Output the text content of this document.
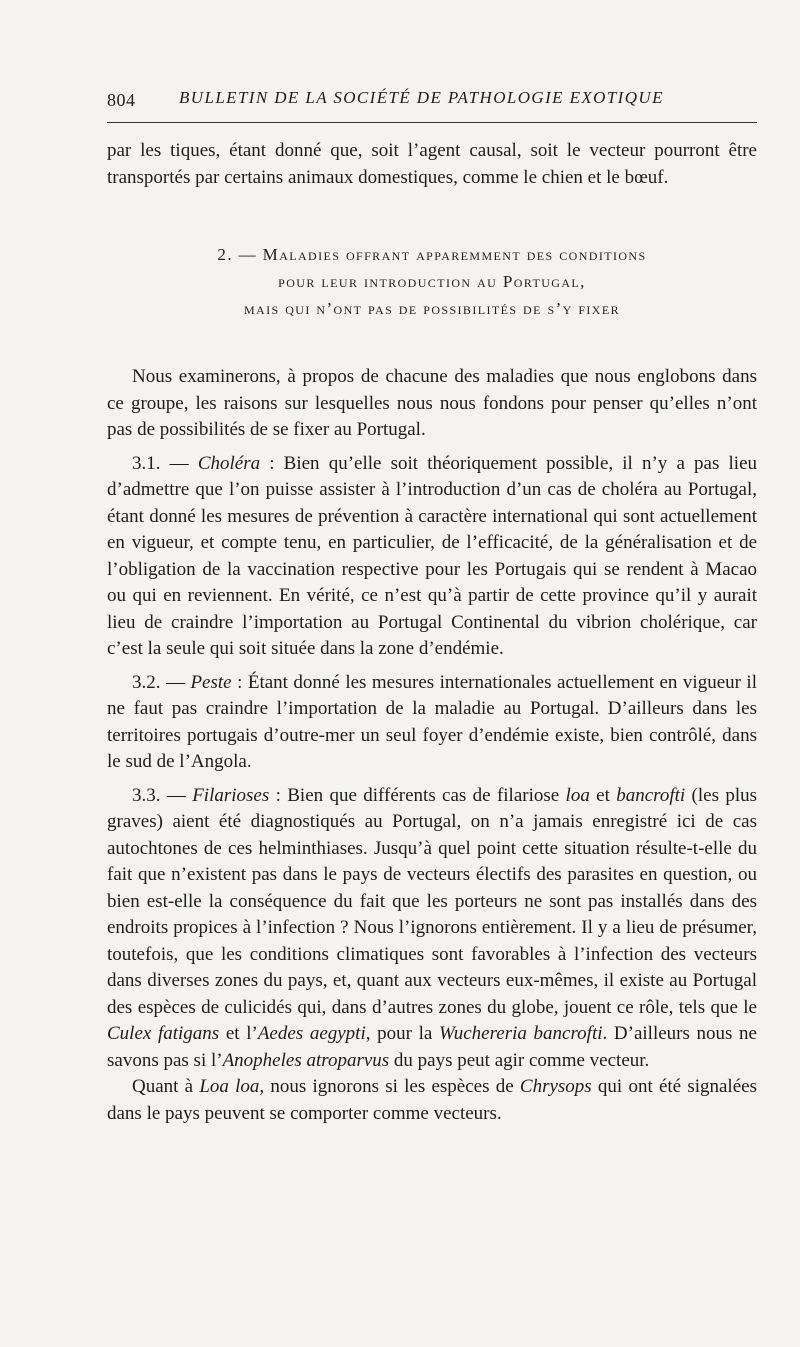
804	BULLETIN DE LA SOCIÉTÉ DE PATHOLOGIE EXOTIQUE

par les tiques, étant donné que, soit l’agent causal, soit le vecteur pourront être transportés par certains animaux domestiques, comme le chien et le bœuf.

2. — Maladies offrant apparemment des conditions
pour leur introduction au Portugal,
mais qui n’ont pas de possibilités de s’y fixer

Nous examinerons, à propos de chacune des maladies que nous englobons dans ce groupe, les raisons sur lesquelles nous nous fondons pour penser qu’elles n’ont pas de possibilités de se fixer au Portugal.

3.1. — Choléra : Bien qu’elle soit théoriquement possible, il n’y a pas lieu d’admettre que l’on puisse assister à l’introduction d’un cas de choléra au Portugal, étant donné les mesures de prévention à caractère international qui sont actuellement en vigueur, et compte tenu, en particulier, de l’efficacité, de la généralisation et de l’obligation de la vaccination respective pour les Portugais qui se rendent à Macao ou qui en reviennent. En vérité, ce n’est qu’à partir de cette province qu’il y aurait lieu de craindre l’importation au Portugal Continental du vibrion cholérique, car c’est la seule qui soit située dans la zone d’endémie.

3.2. — Peste : Étant donné les mesures internationales actuellement en vigueur il ne faut pas craindre l’importation de la maladie au Portugal. D’ailleurs dans les territoires portugais d’outre-mer un seul foyer d’endémie existe, bien contrôlé, dans le sud de l’Angola.

3.3. — Filarioses : Bien que différents cas de filariose loa et bancrofti (les plus graves) aient été diagnostiqués au Portugal, on n’a jamais enregistré ici de cas autochtones de ces helminthiases. Jusqu’à quel point cette situation résulte-t-elle du fait que n’existent pas dans le pays de vecteurs électifs des parasites en question, ou bien est-elle la conséquence du fait que les porteurs ne sont pas installés dans des endroits propices à l’infection ? Nous l’ignorons entièrement. Il y a lieu de présumer, toutefois, que les conditions climatiques sont favorables à l’infection des vecteurs dans diverses zones du pays, et, quant aux vecteurs eux-mêmes, il existe au Portugal des espèces de culicidés qui, dans d’autres zones du globe, jouent ce rôle, tels que le Culex fatigans et l’Aedes aegypti, pour la Wuchereria bancrofti. D’ailleurs nous ne savons pas si l’Anopheles atroparvus du pays peut agir comme vecteur.

Quant à Loa loa, nous ignorons si les espèces de Chrysops qui ont été signalées dans le pays peuvent se comporter comme vecteurs.
